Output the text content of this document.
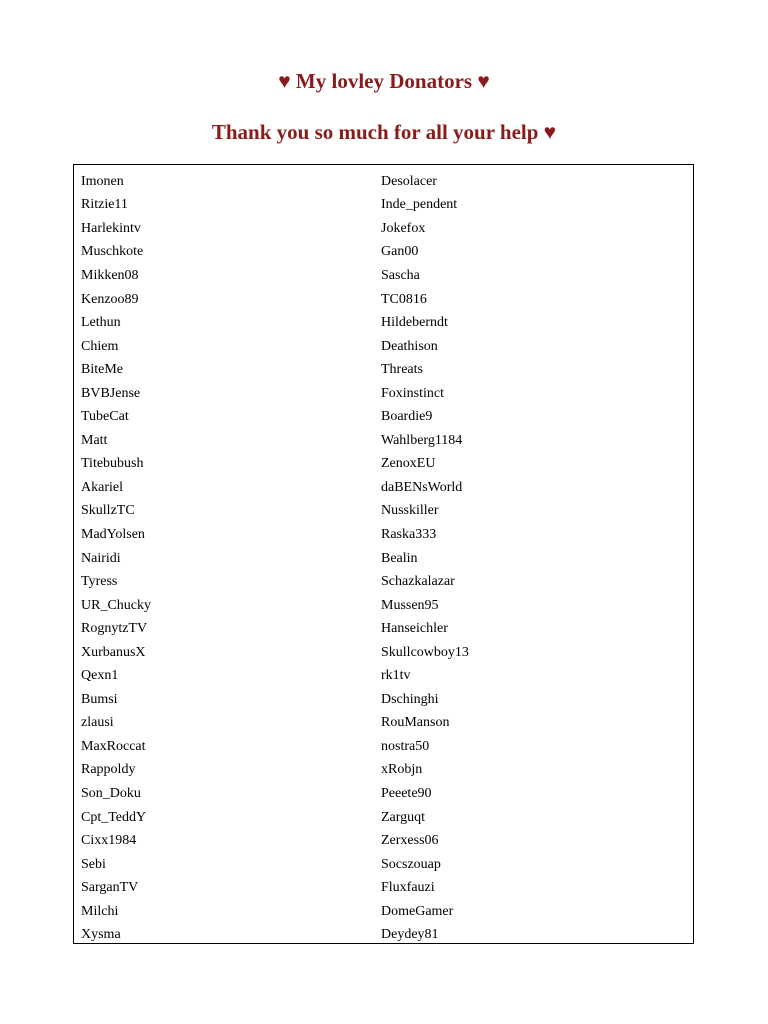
♥ My lovley Donators ♥
Thank you so much for all your help ♥
Imonen	Desolacer
Ritzie11	Inde_pendent
Harlekintv	Jokefox
Muschkote	Gan00
Mikken08	Sascha
Kenzoo89	TC0816
Lethun	Hildeberndt
Chiem	Deathison
BiteMe	Threats
BVBJense	Foxinstinct
TubeCat	Boardie9
Matt	Wahlberg1184
Titebubush	ZenoxEU
Akariel	daBENsWorld
SkullzTC	Nusskiller
MadYolsen	Raska333
Nairidi	Bealin
Tyress	Schazkalazar
UR_Chucky	Mussen95
RognytzTV	Hanseichler
XurbanusX	Skullcowboy13
Qexn1	rk1tv
Bumsi	Dschinghi
zlausi	RouManson
MaxRoccat	nostra50
Rappoldy	xRobjn
Son_Doku	Peeete90
Cpt_TeddY	Zarguqt
Cixx1984	Zerxess06
Sebi	Socszouap
SarganTV	Fluxfauzi
Milchi	DomeGamer
Xysma	Deydey81
